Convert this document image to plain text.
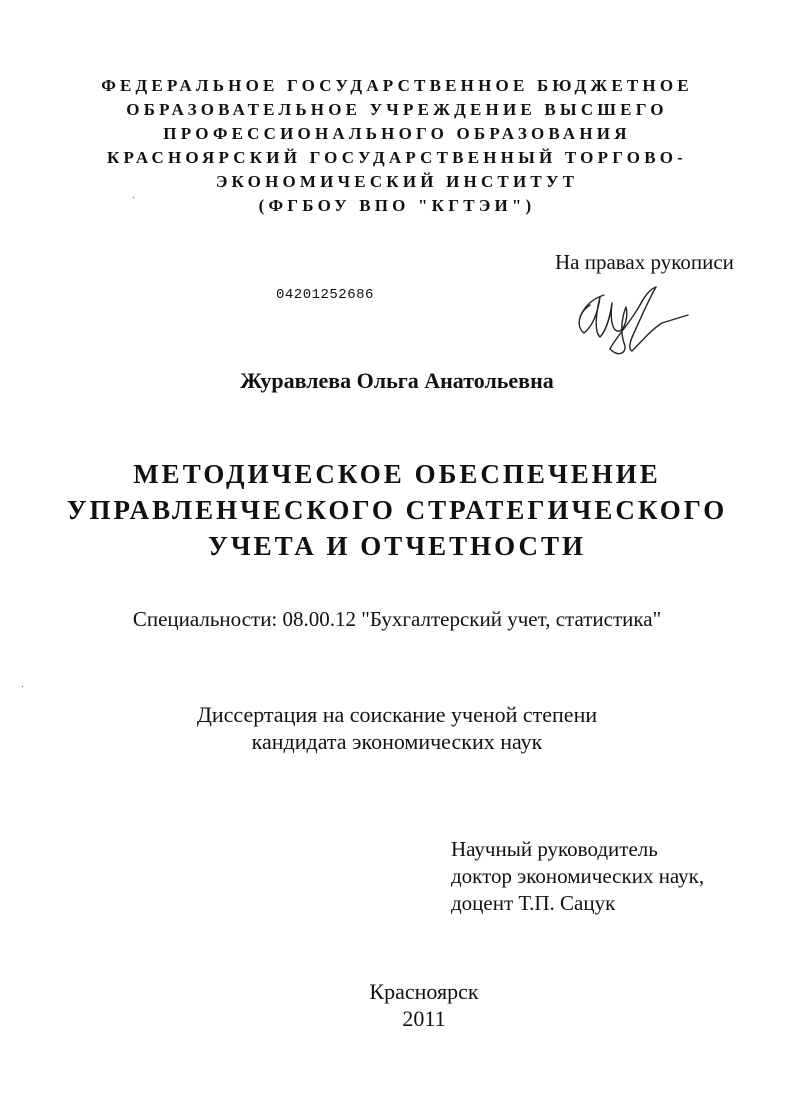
ФЕДЕРАЛЬНОЕ ГОСУДАРСТВЕННОЕ БЮДЖЕТНОЕ
ОБРАЗОВАТЕЛЬНОЕ УЧРЕЖДЕНИЕ ВЫСШЕГО
ПРОФЕССИОНАЛЬНОГО ОБРАЗОВАНИЯ
КРАСНОЯРСКИЙ ГОСУДАРСТВЕННЫЙ ТОРГОВО-
ЭКОНОМИЧЕСКИЙ ИНСТИТУТ
(ФГБОУ ВПО "КГТЭИ")
На правах рукописи
04201252686
Журавлева Ольга Анатольевна
МЕТОДИЧЕСКОЕ ОБЕСПЕЧЕНИЕ
УПРАВЛЕНЧЕСКОГО СТРАТЕГИЧЕСКОГО
УЧЕТА И ОТЧЕТНОСТИ
Специальности: 08.00.12 "Бухгалтерский учет, статистика"
Диссертация на соискание ученой степени
кандидата экономических наук
Научный руководитель
доктор экономических наук,
доцент Т.П. Сацук
Красноярск
2011
